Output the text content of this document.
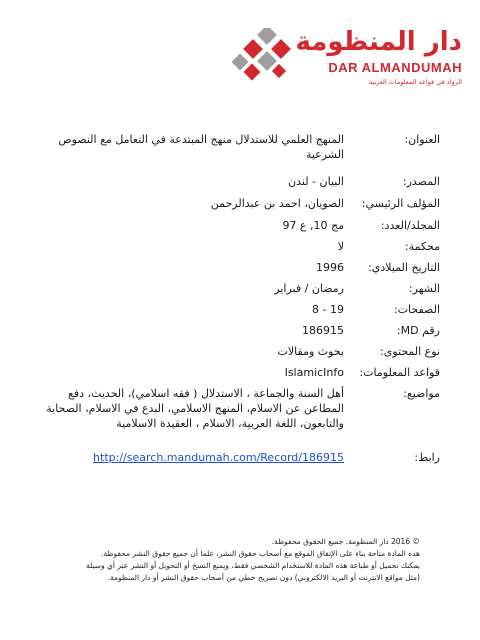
دار المنظومة
DAR ALMANDUMAH
الرواد في قواعد المعلومات العربية
العنوان:
المنهج العلمي للاستدلال منهج المبتدعة في التعامل مع النصوص الشرعية
المصدر:
البيان - لندن
المؤلف الرئيسي:
الصويان، احمد بن عبدالرحمن
المجلد/العدد:
مج 10, ع 97
محكمة:
لا
التاريخ الميلادي:
1996
الشهر:
رمضان / فبراير
الصفحات:
8 - 19
رقم MD:
186915
نوع المحتوى:
بحوث ومقالات
قواعد المعلومات:
IslamicInfo
مواضيع:
أهل السنة والجماعة ، الاستدلال ( فقه اسلامي)، الحديث، دفع المطاعن عن الاسلام، المنهج الاسلامي، البدع في الاسلام، الصحابة والتابعون، اللغة العربية، الاسلام ، العقيدة الاسلامية
رابط:
http://search.mandumah.com/Record/186915
© 2016 دار المنظومة. جميع الحقوق محفوظة.
هذه المادة متاحة بناء على الإتفاق الموقع مع أصحاب حقوق النشر، علما أن جميع حقوق النشر محفوظة.
يمكنك تحميل أو طباعة هذه المادة للاستخدام الشخصي فقط، ويمنع النسخ أو التحويل أو النشر عبر أي وسيلة
(مثل مواقع الانترنت أو البريد الالكتروني) دون تصريح خطي من أصحاب حقوق النشر أو دار المنظومة.
